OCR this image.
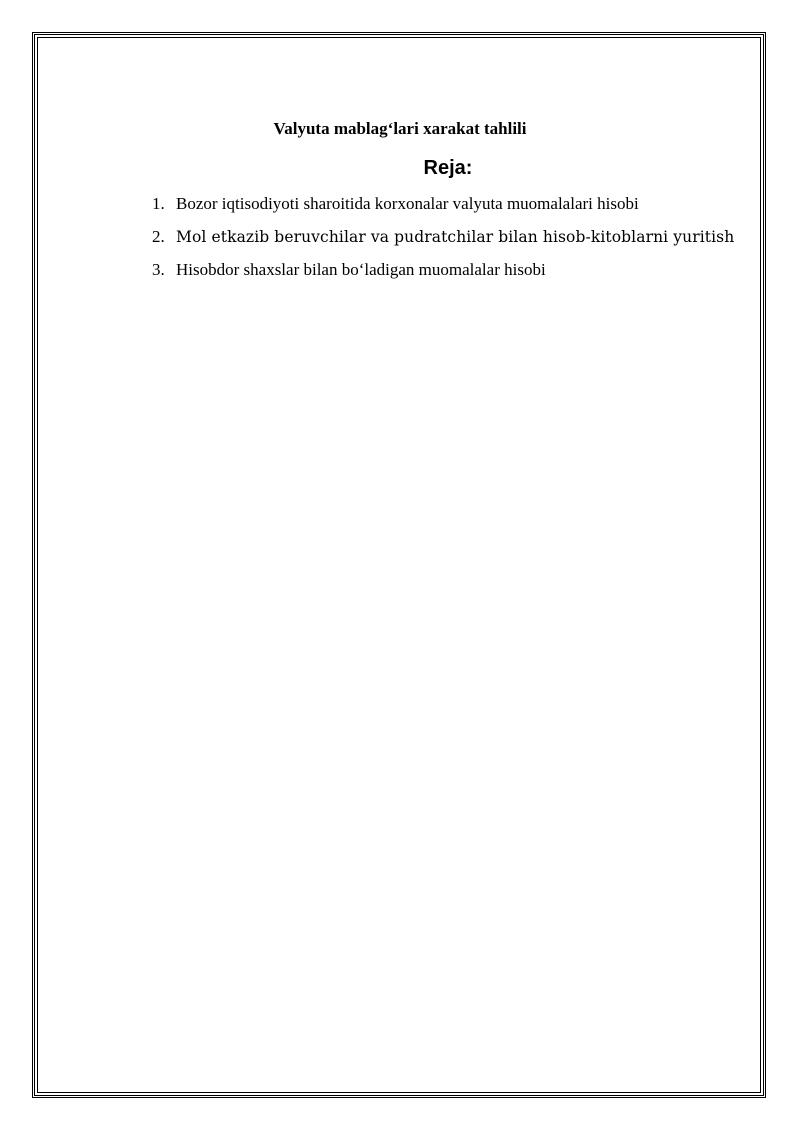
Valyuta mablag‘lari xarakat tahlili
Reja:
1. Bozor iqtisodiyoti sharoitida korxonalar valyuta muomalalari hisobi
2. Mol etkazib beruvchilar va pudratchilar bilan hisob-kitoblarni yuritish
3. Hisobdor shaxslar bilan bo‘ladigan muomalalar hisobi
